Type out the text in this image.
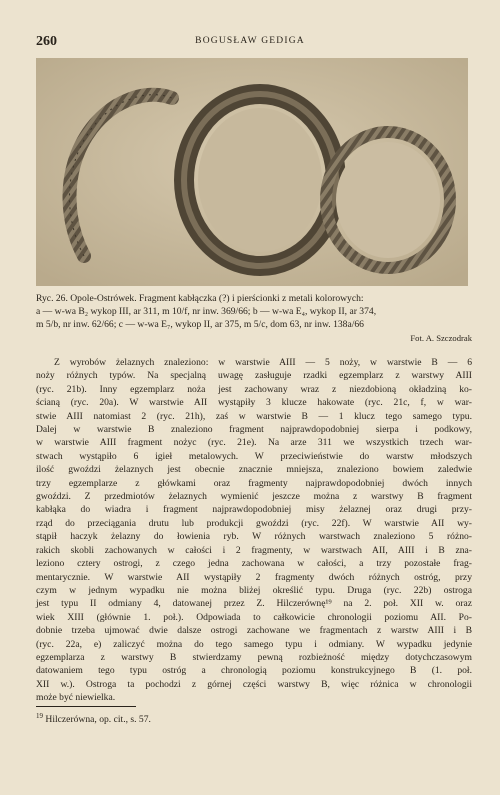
260	BOGUSŁAW GEDIGA
Ryc. 26. Opole-Ostrówek. Fragment kabłączka (?) i pierścionki z metali kolorowych:
a — w-wa B₂ wykop III, ar 311, m 10/f, nr inw. 369/66; b — w-wa E₄, wykop II, ar 374,
m 5/b, nr inw. 62/66; c — w-wa E₇, wykop II, ar 375, m 5/c, dom 63, nr inw. 138a/66
Fot. A. Szczodrak
Z wyrobów żelaznych znaleziono: w warstwie AIII — 5 noży, w warstwie B — 6
noży różnych typów. Na specjalną uwagę zasługuje rzadki egzemplarz z warstwy AIII
(ryc. 21b). Inny egzemplarz noża jest zachowany wraz z niezdobioną okładziną ko-
ścianą (ryc. 20a). W warstwie AII wystąpiły 3 klucze hakowate (ryc. 21c, f, w war-
stwie AIII natomiast 2 (ryc. 21h), zaś w warstwie B — 1 klucz tego samego typu.
Dalej w warstwie B znaleziono fragment najprawdopodobniej sierpa i podkowy,
w warstwie AIII fragment nożyc (ryc. 21e). Na arze 311 we wszystkich trzech war-
stwach wystąpiło 6 igieł metalowych. W przeciwieństwie do warstw młodszych
ilość gwoździ żelaznych jest obecnie znacznie mniejsza, znaleziono bowiem zaledwie
trzy egzemplarze z główkami oraz fragmenty najprawdopodobniej dwóch innych
gwoździ. Z przedmiotów żelaznych wymienić jeszcze można z warstwy B fragment
kabłąka do wiadra i fragment najprawdopodobniej misy żelaznej oraz drugi przy-
rząd do przeciągania drutu lub produkcji gwoździ (ryc. 22f). W warstwie AII wy-
stąpił haczyk żelazny do łowienia ryb. W różnych warstwach znaleziono 5 różno-
rakich skobli zachowanych w całości i 2 fragmenty, w warstwach AII, AIII i B zna-
leziono cztery ostrogi, z czego jedna zachowana w całości, a trzy pozostałe frag-
mentarycznie. W warstwie AII wystąpiły 2 fragmenty dwóch różnych ostróg, przy
czym w jednym wypadku nie można bliżej określić typu. Druga (ryc. 22b) ostroga
jest typu II odmiany 4, datowanej przez Z. Hilczerównę¹⁹ na 2. poł. XII w. oraz
wiek XIII (głównie 1. poł.). Odpowiada to całkowicie chronologii poziomu AII. Po-
dobnie trzeba ujmować dwie dalsze ostrogi zachowane we fragmentach z warstw AIII i B
(ryc. 22a, e) zaliczyć można do tego samego typu i odmiany. W wypadku jedynie
egzemplarza z warstwy B stwierdzamy pewną rozbieżność między dotychczasowym
datowaniem tego typu ostróg a chronologią poziomu konstrukcyjnego B (1. poł.
XII w.). Ostroga ta pochodzi z górnej części warstwy B, więc różnica w chronologii
może być niewielka.
$^{19}$ Hilczerówna, op. cit., s. 57.
